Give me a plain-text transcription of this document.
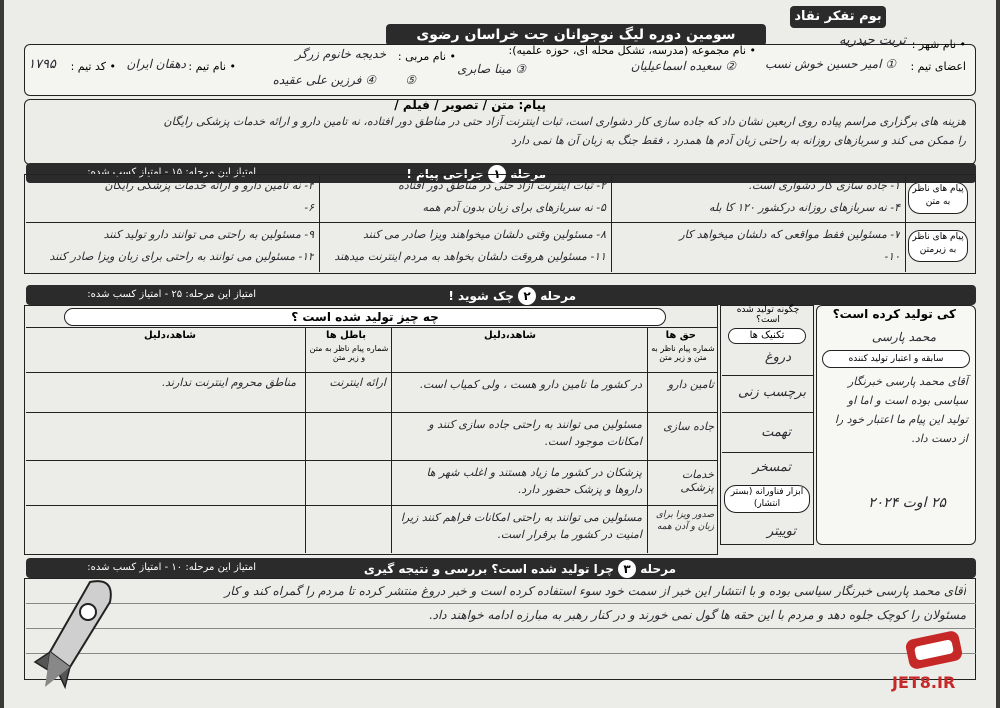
بوم تفکر نقاد
سومین دوره لیگ نوجوانان جت خراسان رضوی
• نام شهر :
تربت حیدریه
• نام مجموعه (مدرسه، تشکل محله ای، حوزه علمیه):
اعضای تیم :
① امیر حسین خوش نسب
② سعیده اسماعیلیان
③ مینا صابری
• نام مربی :
خدیجه خانوم زرگر
• نام تیم :
دهقان ایران
• کد تیم :
۱۷۹۵
⑤
④ فرزین علی عقیده
پیام: متن / تصویر / فیلم /
هزینه های برگزاری مراسم پیاده روی اربعین نشان داد که جاده سازی کار دشواری است، ثبات اینترنت آزاد حتی در مناطق دور افتاده، نه تامین دارو و ارائه خدمات پزشکی رایگان
را ممکن می کند و سربازهای روزانه به راحتی زبان آدم ها همدرد ، فقط جنگ به زبان آن ها نمی دارد
مرحله ۱ جراحی پیام !
امتیاز این مرحله: ۱۵ - امتیاز کسب شده:
پیام های ناظر به متن
پیام های ناظر به زیرمتن
۱- جاده سازی کار دشواری است.
۲- ثبات اینترنت آزاد حتی در مناطق دور افتاده
۳- نه تامین دارو و ارائه خدمات پزشکی رایگان
۴- نه سربازهای روزانه درکشور ۱۲۰ کا بله
۵- نه سربازهای برای زبان بدون آدم همه
۶-
۷- مسئولین فقط مواقعی که دلشان میخواهد کار
۸- مسئولین وقتی دلشان میخواهند ویزا صادر می کنند
۹- مسئولین به راحتی می توانند دارو تولید کنند
۱۰-
۱۱- مسئولین هروقت دلشان بخواهد به مردم اینترنت میدهند
۱۲- مسئولین می توانند به راحتی برای زبان ویزا صادر کنند
مرحله ۲ چک شوید !
امتیاز این مرحله: ۲۵ - امتیاز کسب شده:
کی تولید کرده است؟
محمد پارسی
سابقه و اعتبار تولید کننده
آقای محمد پارسی خبرنگار سیاسی بوده است و اما او تولید این پیام ما اعتبار خود را از دست داد.
۲۵ اوت ۲۰۲۴
چگونه تولید شده است؟
تکنیک ها
دروغ
برچسب زنی
تهمت
تمسخر
ابزار فناورانه (بستر انتشار)
توییتر
چه چیز تولید شده است ؟
حق ها
شماره پیام ناظر به متن و زیر متن
شاهد،دلیل
باطل ها
شماره پیام ناظر به متن و زیر متن
شاهد،دلیل
تامین دارو
در کشور ما تامین دارو هست ، ولی کمیاب است.
جاده سازی
مسئولین می توانند به راحتی جاده سازی کنند و امکانات موجود است.
خدمات پزشکی
پزشکان در کشور ما زیاد هستند و اغلب شهر ها داروها و پزشک حضور دارد.
صدور ویزا برای زبان و آدن همه
مسئولین می توانند به راحتی امکانات فراهم کنند زیرا امنیت در کشور ما برقرار است.
ارائه اینترنت
مناطق محروم اینترنت ندارند.
مرحله ۳ چرا تولید شده است؟ بررسی و نتیجه گیری
امتیاز این مرحله: ۱۰ - امتیاز کسب شده:
آقای محمد پارسی خبرنگار سیاسی بوده و با انتشار این خبر از سمت خود سوء استفاده کرده است و خبر دروغ منتشر کرده تا مردم را گمراه کند و کار
مسئولان را کوچک جلوه دهد و مردم با این حقه ها گول نمی خورند و در کنار رهبر به مبارزه ادامه خواهند داد.
JET8.IR
